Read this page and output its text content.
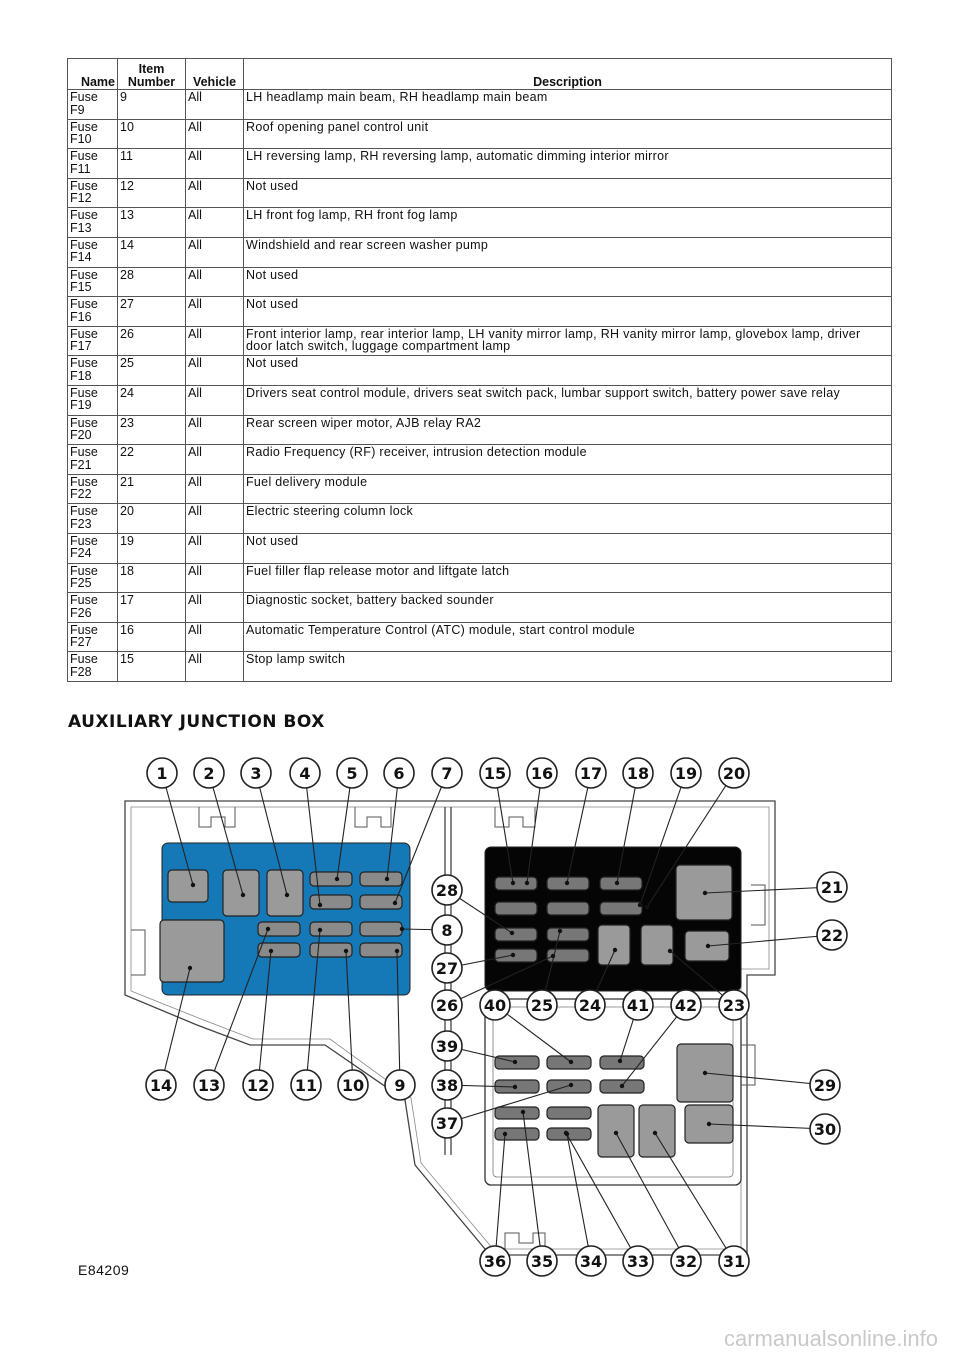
Name	Item Number	Vehicle	Description
Fuse F9	9	All	LH headlamp main beam, RH headlamp main beam
Fuse F10	10	All	Roof opening panel control unit
Fuse F11	11	All	LH reversing lamp, RH reversing lamp, automatic dimming interior mirror
Fuse F12	12	All	Not used
Fuse F13	13	All	LH front fog lamp, RH front fog lamp
Fuse F14	14	All	Windshield and rear screen washer pump
Fuse F15	28	All	Not used
Fuse F16	27	All	Not used
Fuse F17	26	All	Front interior lamp, rear interior lamp, LH vanity mirror lamp, RH vanity mirror lamp, glovebox lamp, driver door latch switch, luggage compartment lamp
Fuse F18	25	All	Not used
Fuse F19	24	All	Drivers seat control module, drivers seat switch pack, lumbar support switch, battery power save relay
Fuse F20	23	All	Rear screen wiper motor, AJB relay RA2
Fuse F21	22	All	Radio Frequency (RF) receiver, intrusion detection module
Fuse F22	21	All	Fuel delivery module
Fuse F23	20	All	Electric steering column lock
Fuse F24	19	All	Not used
Fuse F25	18	All	Fuel filler flap release motor and liftgate latch
Fuse F26	17	All	Diagnostic socket, battery backed sounder
Fuse F27	16	All	Automatic Temperature Control (ATC) module, start control module
Fuse F28	15	All	Stop lamp switch
AUXILIARY JUNCTION BOX
1 2 3 4 5 6 7
8
9
10
11
12
13
14
15 16 17 18 19 20
21
22
23
24
25
26
27
28
29
30
31
32
33
34
35
36
37
38
39
40	41 42
E84209
carmanualsonline.info
